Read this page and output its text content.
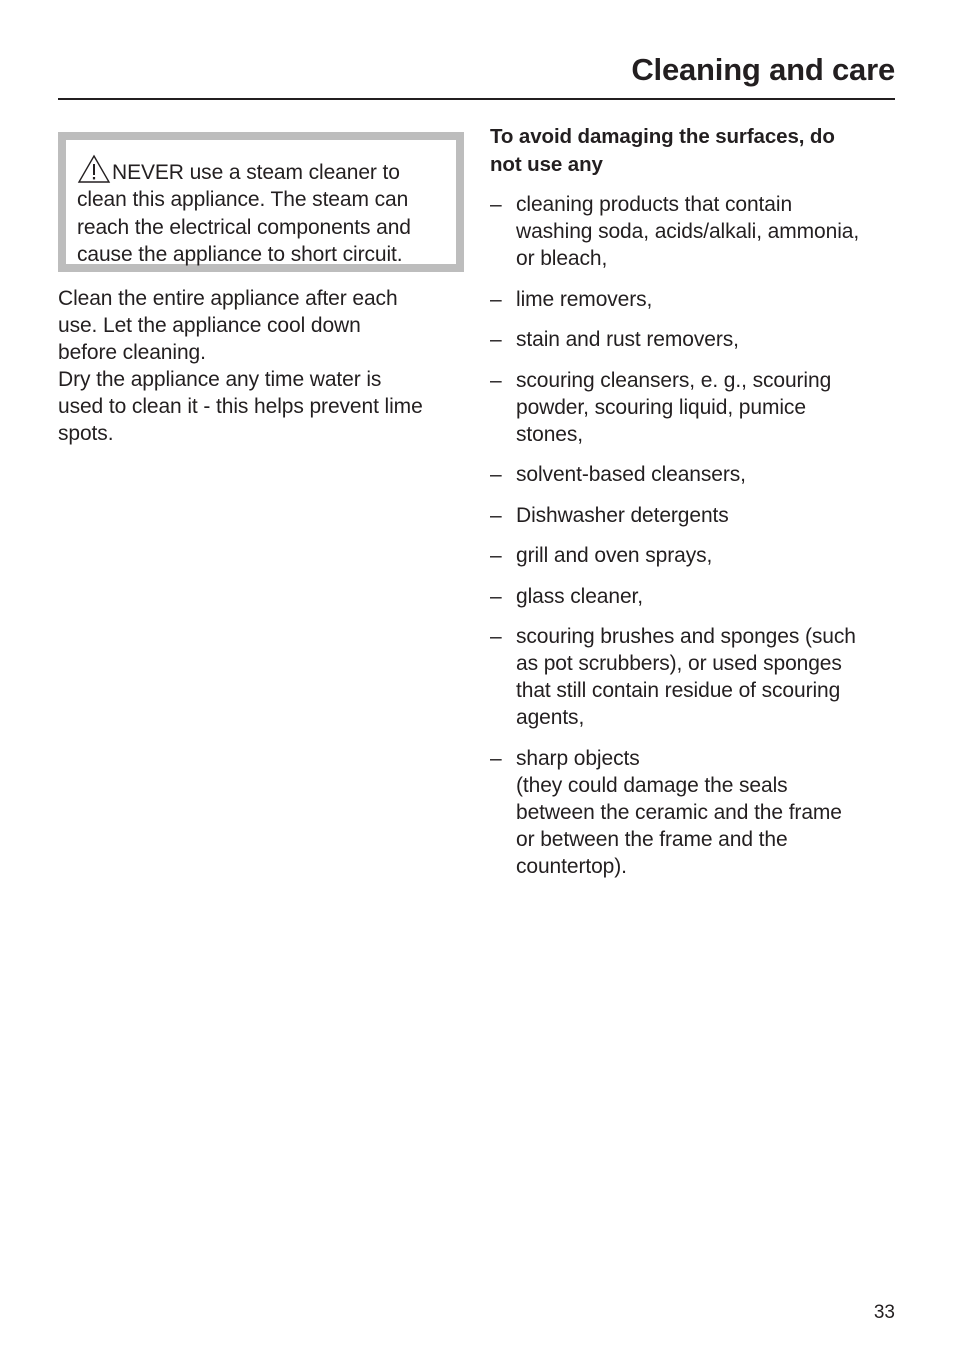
Cleaning and care
NEVER use a steam cleaner to
clean this appliance. The steam can
reach the electrical components and
cause the appliance to short circuit.

Clean the entire appliance after each
use. Let the appliance cool down
before cleaning.

Dry the appliance any time water is
used to clean it - this helps prevent lime
spots.

To avoid damaging the surfaces, do
not use any
– cleaning products that contain
washing soda, acids/alkali, ammonia,
or bleach,
– lime removers,
– stain and rust removers,
– scouring cleansers, e. g., scouring
powder, scouring liquid, pumice
stones,
– solvent-based cleansers,
– Dishwasher detergents
– grill and oven sprays,
– glass cleaner,
– scouring brushes and sponges (such
as pot scrubbers), or used sponges
that still contain residue of scouring
agents,
– sharp objects
(they could damage the seals
between the ceramic and the frame
or between the frame and the
countertop).
33
